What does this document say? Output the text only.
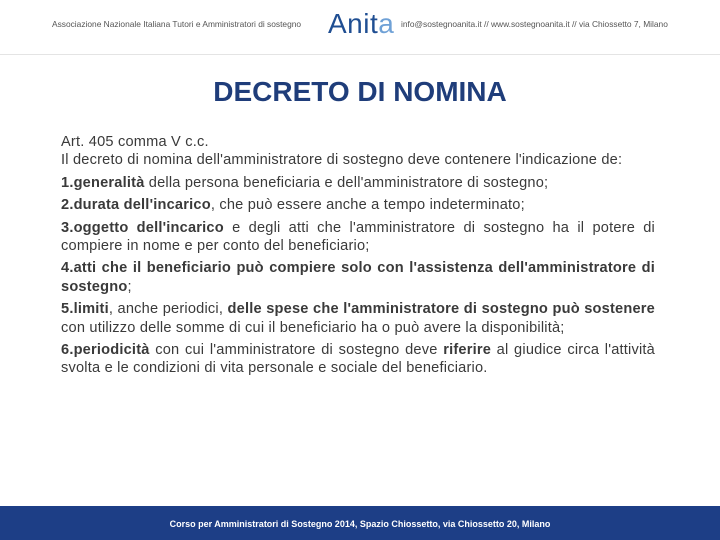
Associazione Nazionale Italiana Tutori e Amministratori di sostegno Anita info@sostegnoanita.it // www.sostegnoanita.it // via Chiossetto 7, Milano
DECRETO DI NOMINA

Art. 405 comma V c.c.

Il decreto di nomina dell'amministratore di sostegno deve contenere l'indicazione de:

1.generalità della persona beneficiaria e dell'amministratore di sostegno;

2.durata dell'incarico, che può essere anche a tempo indeterminato;

3.oggetto dell'incarico e degli atti che l'amministratore di sostegno ha il potere di compiere in nome e per conto del beneficiario;

4.atti che il beneficiario può compiere solo con l'assistenza dell'amministratore di sostegno;

5.limiti, anche periodici, delle spese che l'amministratore di sostegno può sostenere con utilizzo delle somme di cui il beneficiario ha o può avere la disponibilità;

6.periodicità con cui l'amministratore di sostegno deve riferire al giudice circa l'attività svolta e le condizioni di vita personale e sociale del beneficiario.

Corso per Amministratori di Sostegno 2014, Spazio Chiossetto, via Chiossetto 20, Milano
